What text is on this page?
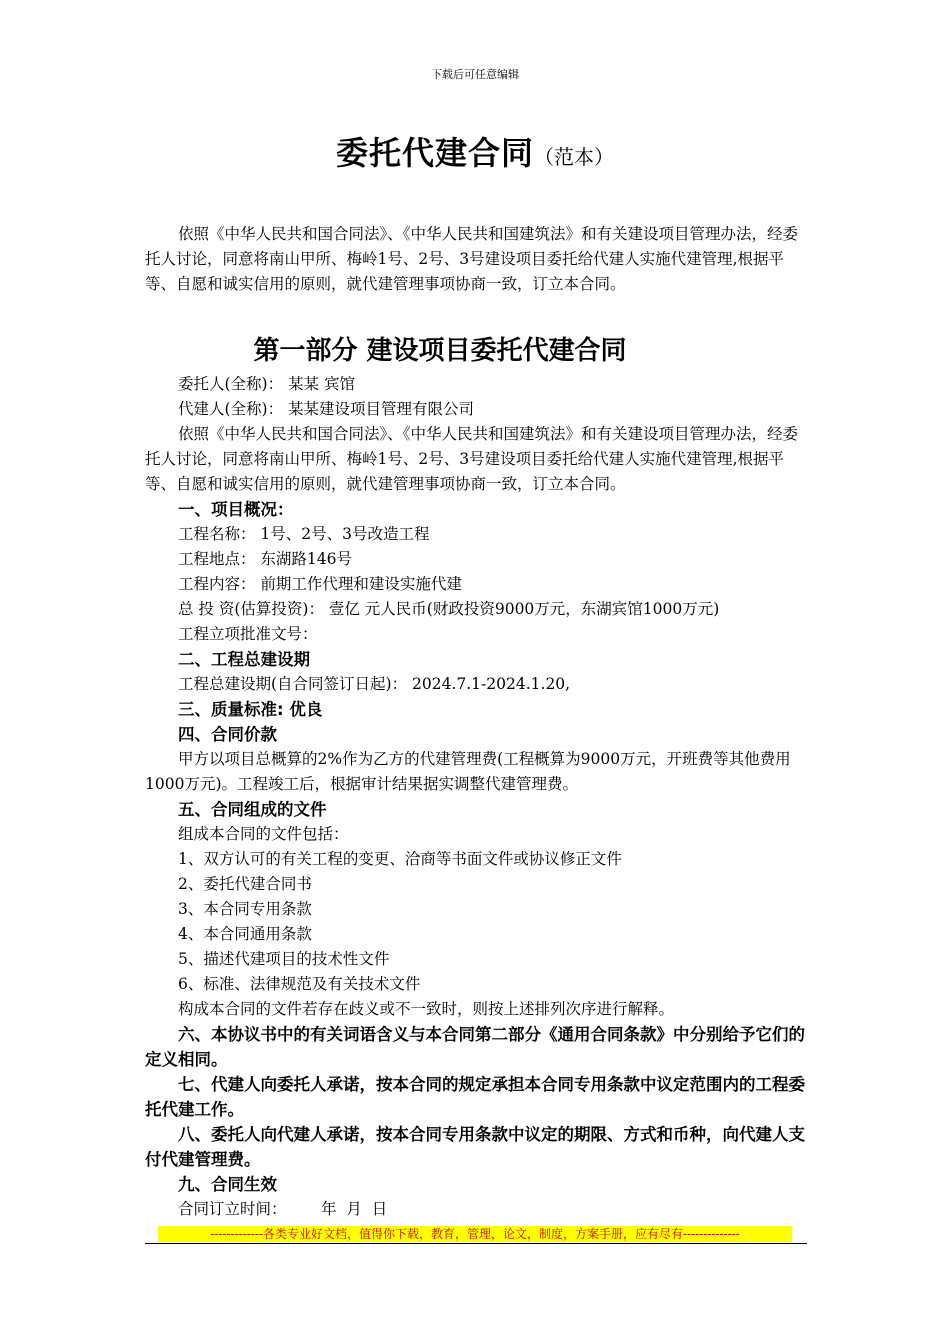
下载后可任意编辑
委托代建合同（范本）

依照《中华人民共和国合同法》、《中华人民共和国建筑法》和有关建设项目管理办法，经委托人讨论，同意将南山甲所、梅岭1号、2号、3号建设项目委托给代建人实施代建管理,根据平等、自愿和诚实信用的原则，就代建管理事项协商一致，订立本合同。

第一部分 建设项目委托代建合同

委托人(全称)： 某某 宾馆

代建人(全称)： 某某建设项目管理有限公司

依照《中华人民共和国合同法》、《中华人民共和国建筑法》和有关建设项目管理办法，经委托人讨论，同意将南山甲所、梅岭1号、2号、3号建设项目委托给代建人实施代建管理,根据平等、自愿和诚实信用的原则，就代建管理事项协商一致，订立本合同。

一、项目概况：

工程名称： 1号、2号、3号改造工程

工程地点： 东湖路146号

工程内容： 前期工作代理和建设实施代建

总 投 资(估算投资)： 壹亿 元人民币(财政投资9000万元，东湖宾馆1000万元)

工程立项批准文号：

二、工程总建设期

工程总建设期(自合同签订日起)： 2024.7.1-2024.1.20,

三、质量标准: 优良

四、合同价款

甲方以项目总概算的2%作为乙方的代建管理费(工程概算为9000万元，开班费等其他费用1000万元)。工程竣工后，根据审计结果据实调整代建管理费。

五、合同组成的文件

组成本合同的文件包括：

1、双方认可的有关工程的变更、洽商等书面文件或协议修正文件

2、委托代建合同书

3、本合同专用条款

4、本合同通用条款

5、描述代建项目的技术性文件

6、标准、法律规范及有关技术文件

构成本合同的文件若存在歧义或不一致时，则按上述排列次序进行解释。

六、本协议书中的有关词语含义与本合同第二部分《通用合同条款》中分别给予它们的定义相同。

七、代建人向委托人承诺，按本合同的规定承担本合同专用条款中议定范围内的工程委托代建工作。

八、委托人向代建人承诺，按本合同专用条款中议定的期限、方式和币种，向代建人支付代建管理费。

九、合同生效

合同订立时间：       年  月  日

-------------各类专业好文档，值得你下载，教育，管理，论文，制度，方案手册，应有尽有--------------
